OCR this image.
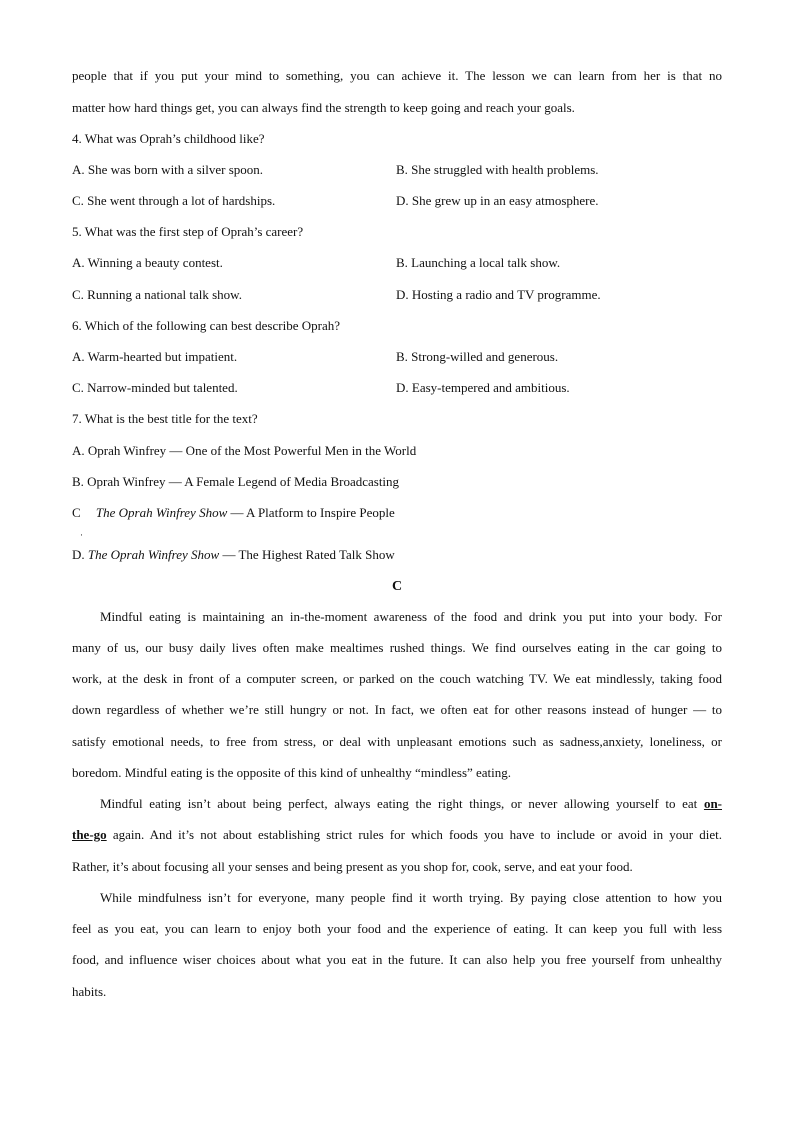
people that if you put your mind to something, you can achieve it. The lesson we can learn from her is that no
matter how hard things get, you can always find the strength to keep going and reach your goals.
4. What was Oprah’s childhood like?
A. She was born with a silver spoon.	B. She struggled with health problems.
C. She went through a lot of hardships.	D. She grew up in an easy atmosphere.
5. What was the first step of Oprah’s career?
A. Winning a beauty contest.	B. Launching a local talk show.
C. Running a national talk show.	D. Hosting a radio and TV programme.
6. Which of the following can best describe Oprah?
A. Warm-hearted but impatient.	B. Strong-willed and generous.
C. Narrow-minded but talented.	D. Easy-tempered and ambitious.
7. What is the best title for the text?
A. Oprah Winfrey — One of the Most Powerful Men in the World
B. Oprah Winfrey — A Female Legend of Media Broadcasting
C The Oprah Winfrey Show — A Platform to Inspire People
D. The Oprah Winfrey Show — The Highest Rated Talk Show
C
Mindful eating is maintaining an in-the-moment awareness of the food and drink you put into your body. For
many of us, our busy daily lives often make mealtimes rushed things. We find ourselves eating in the car going to
work, at the desk in front of a computer screen, or parked on the couch watching TV. We eat mindlessly, taking food
down regardless of whether we’re still hungry or not. In fact, we often eat for other reasons instead of hunger — to
satisfy emotional needs, to free from stress, or deal with unpleasant emotions such as sadness,anxiety, loneliness, or
boredom. Mindful eating is the opposite of this kind of unhealthy “mindless” eating.
Mindful eating isn’t about being perfect, always eating the right things, or never allowing yourself to eat on-
the-go again. And it’s not about establishing strict rules for which foods you have to include or avoid in your diet.
Rather, it’s about focusing all your senses and being present as you shop for, cook, serve, and eat your food.
While mindfulness isn’t for everyone, many people find it worth trying. By paying close attention to how you
feel as you eat, you can learn to enjoy both your food and the experience of eating. It can keep you full with less
food, and influence wiser choices about what you eat in the future. It can also help you free yourself from unhealthy
habits.
·
